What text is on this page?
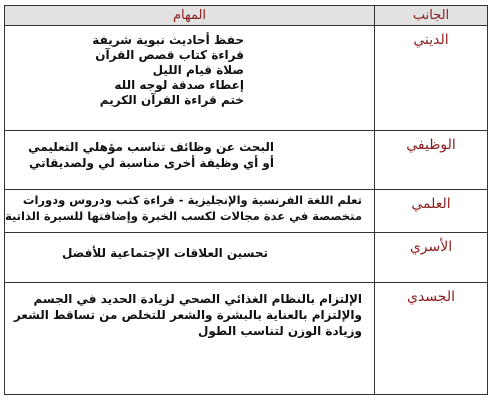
الجانب	المهام

الديني	حفظ أحاديث نبوية شريفة
قراءة كتاب قصص القرآن
صلاة قيام الليل
إعطاء صدقة لوجه الله
ختم قراءة القرآن الكريم

الوظيفي	البحث عن وظائف تناسب مؤهلي التعليمي
أو أي وظيفة أخرى مناسبة لي ولصديقاتي

العلمي	تعلم اللغة الفرنسية والإنجليزية - قراءة كتب ودروس ودورات
متخصصة في عدة مجالات لكسب الخبرة وإضافتها للسيرة الذاتية

الأسري	تحسين العلاقات الإجتماعية للأفضل

الجسدي	الإلتزام بالنظام الغذائي الصحي لزيادة الحديد في الجسم
والإلتزام بالعناية بالبشرة والشعر للتخلص من تساقط الشعر
وزيادة الوزن لتناسب الطول
